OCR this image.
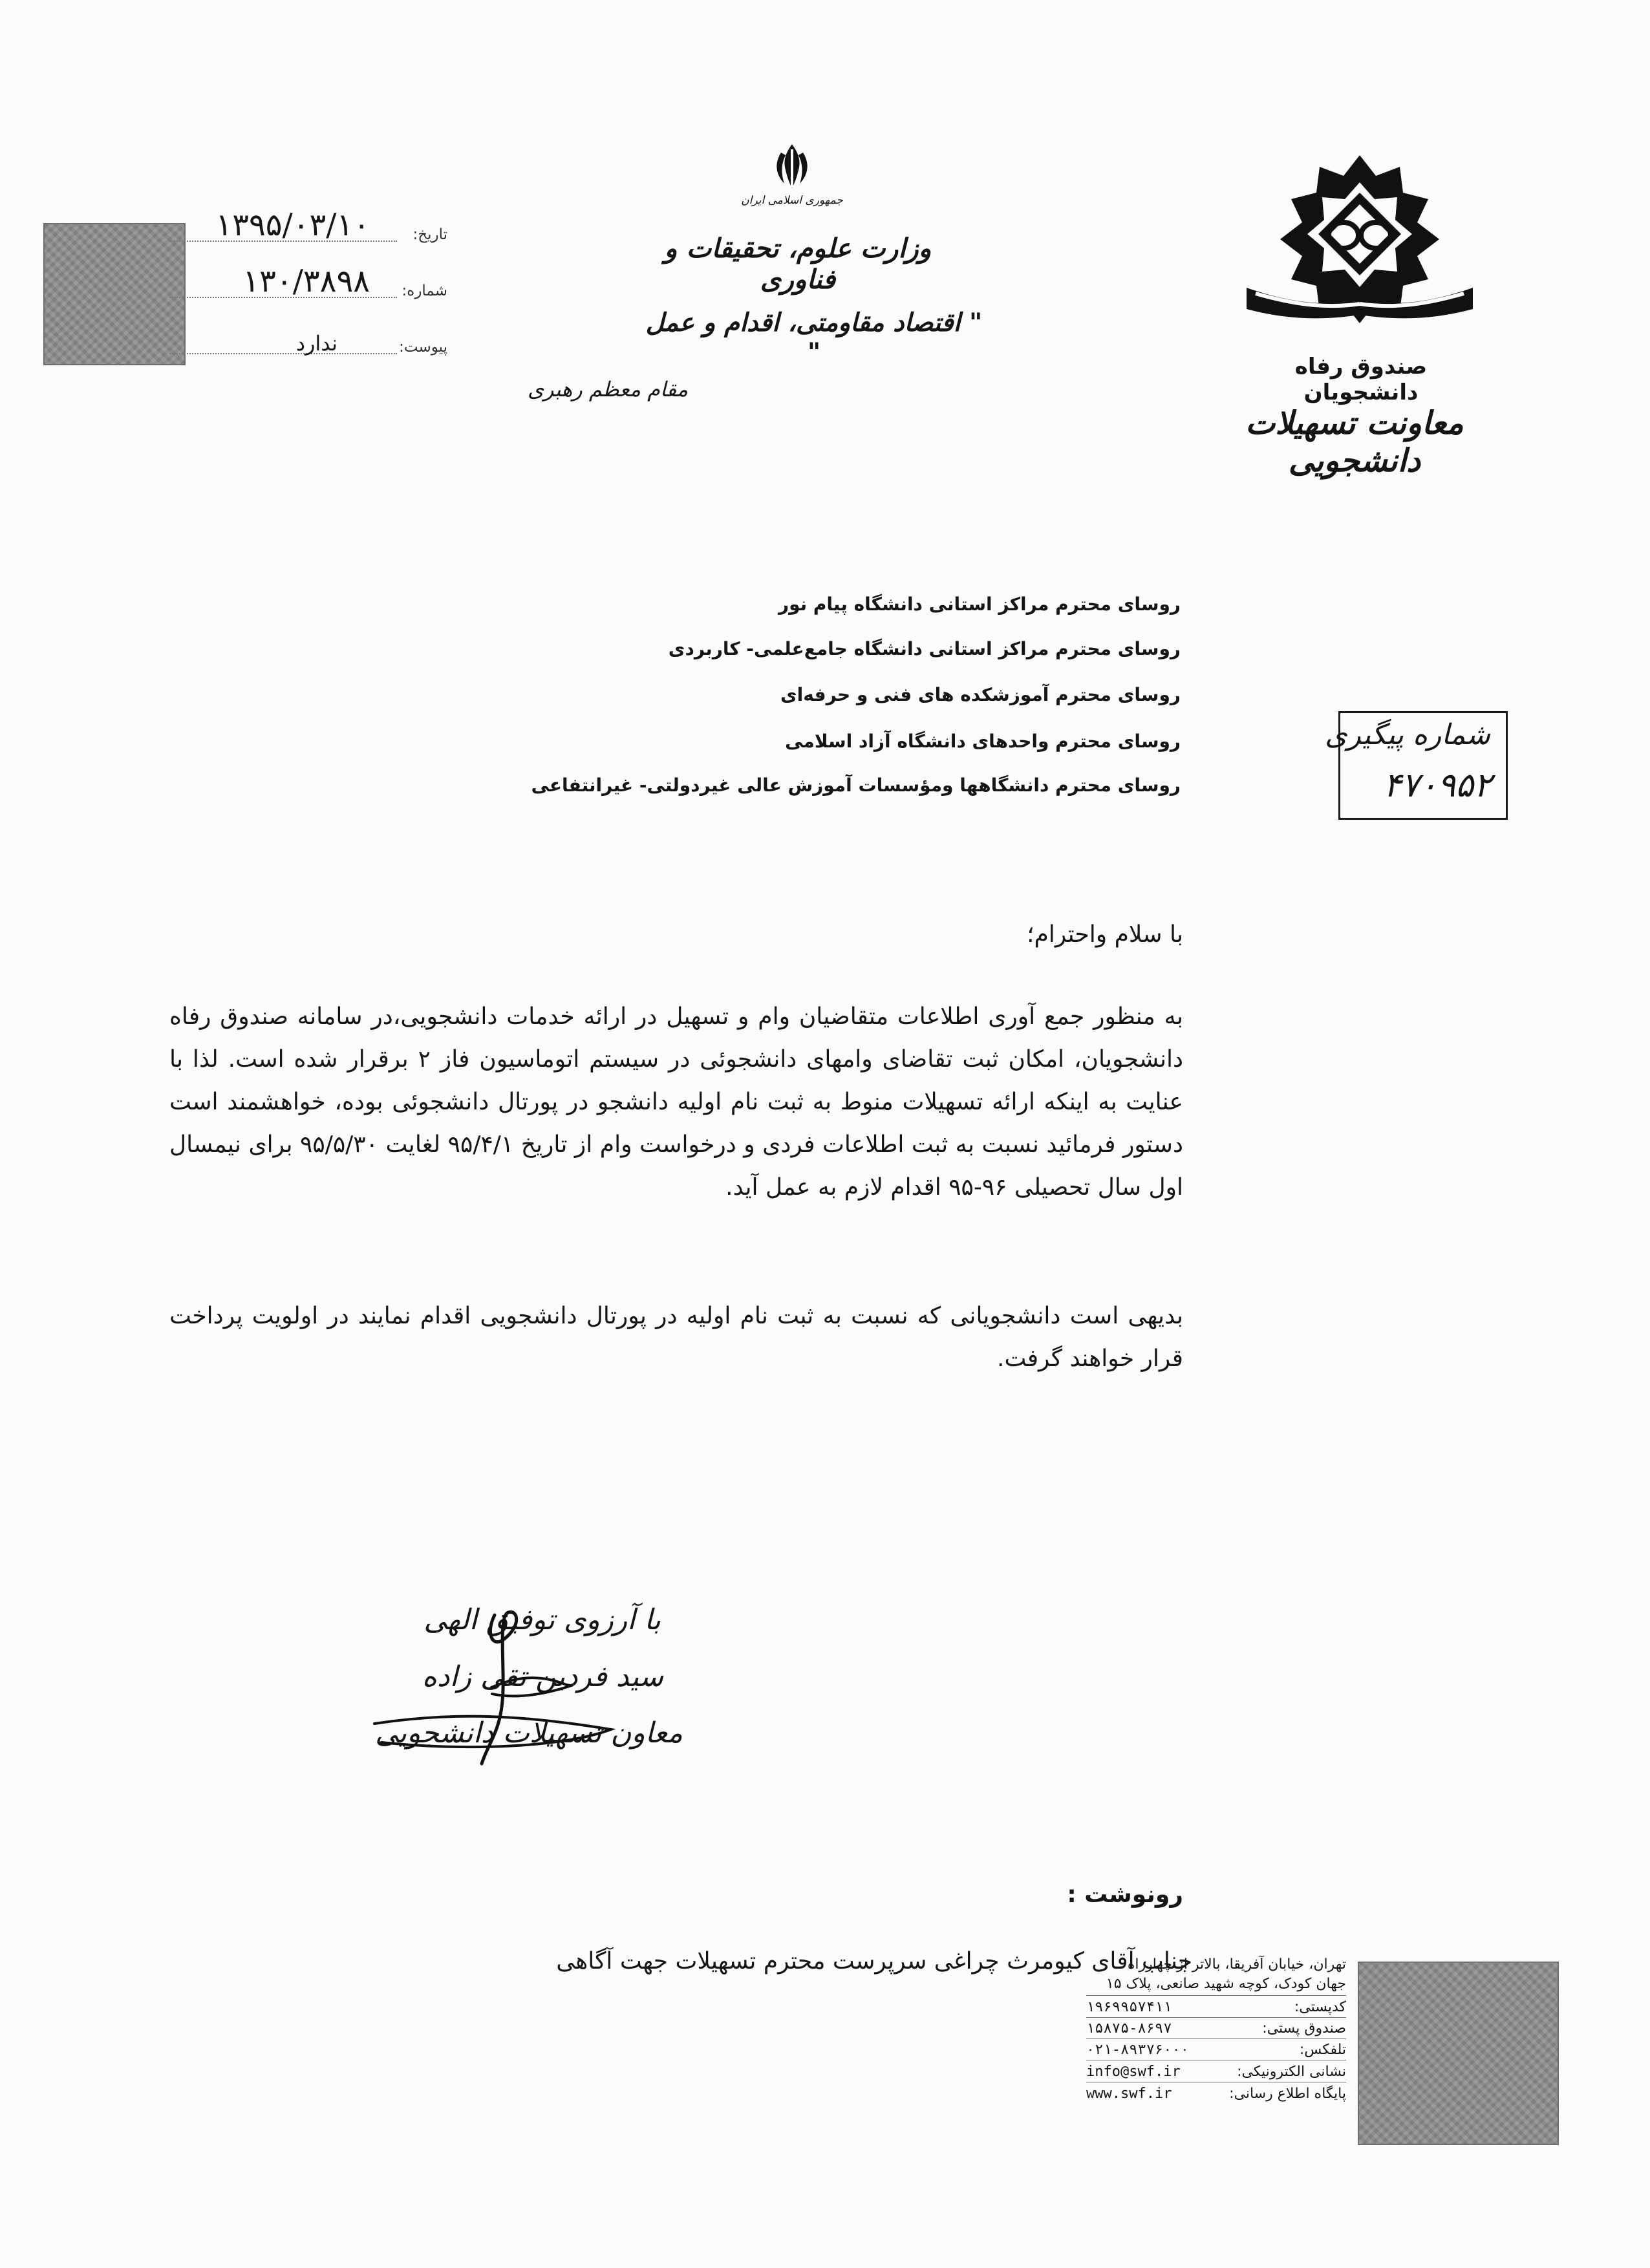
تاریخ:
۱۳۹۵/۰۳/۱۰
شماره:
۱۳۰/۳۸۹۸
پیوست:
ندارد
جمهوری اسلامی ایران
وزارت علوم، تحقیقات و فناوری
" اقتصاد مقاومتی، اقدام و عمل "
مقام معظم رهبری
صندوق رفاه دانشجویان
معاونت تسهیلات دانشجویی
روسای محترم مراکز استانی دانشگاه پیام نور
روسای محترم مراکز استانی دانشگاه جامع‌علمی- کاربردی
روسای محترم آموزشکده های فنی و حرفه‌ای
روسای محترم واحدهای دانشگاه آزاد اسلامی
روسای محترم دانشگاهها ومؤسسات آموزش عالی غیردولتی- غیرانتفاعی
شماره پیگیری
۴۷۰۹۵۲
با سلام واحترام؛
به منظور جمع آوری اطلاعات متقاضیان وام و تسهیل در ارائه خدمات دانشجویی،در سامانه صندوق رفاه دانشجویان، امکان ثبت تقاضای وامهای دانشجوئی در سیستم اتوماسیون فاز ۲ برقرار شده است. لذا با عنایت به اینکه ارائه تسهیلات منوط به ثبت نام اولیه دانشجو در پورتال دانشجوئی بوده، خواهشمند است دستور فرمائید نسبت به ثبت اطلاعات فردی و درخواست وام از تاریخ ۹۵/۴/۱ لغایت ۹۵/۵/۳۰ برای نیمسال اول سال تحصیلی ۹۶-۹۵ اقدام لازم به عمل آید.
بدیهی است دانشجویانی که نسبت به ثبت نام اولیه در پورتال دانشجویی اقدام نمایند در اولویت پرداخت قرار خواهند گرفت.
با آرزوی توفیق الهی
سید فردین تقی زاده
معاون تسهیلات دانشجویی
رونوشت :
جناب آقای کیومرث چراغی سرپرست محترم تسهیلات جهت آگاهی
تهران، خیابان آفریقا، بالاتر از چهارراه
جهان کودک، کوچه شهید صانعی، پلاک ۱۵
کدپستی:
۱۹۶۹۹۵۷۴۱۱
صندوق پستی:
۱۵۸۷۵-۸۶۹۷
تلفکس:
۰۲۱-۸۹۳۷۶۰۰۰
نشانی الکترونیکی:
info@swf.ir
پایگاه اطلاع رسانی:
www.swf.ir
